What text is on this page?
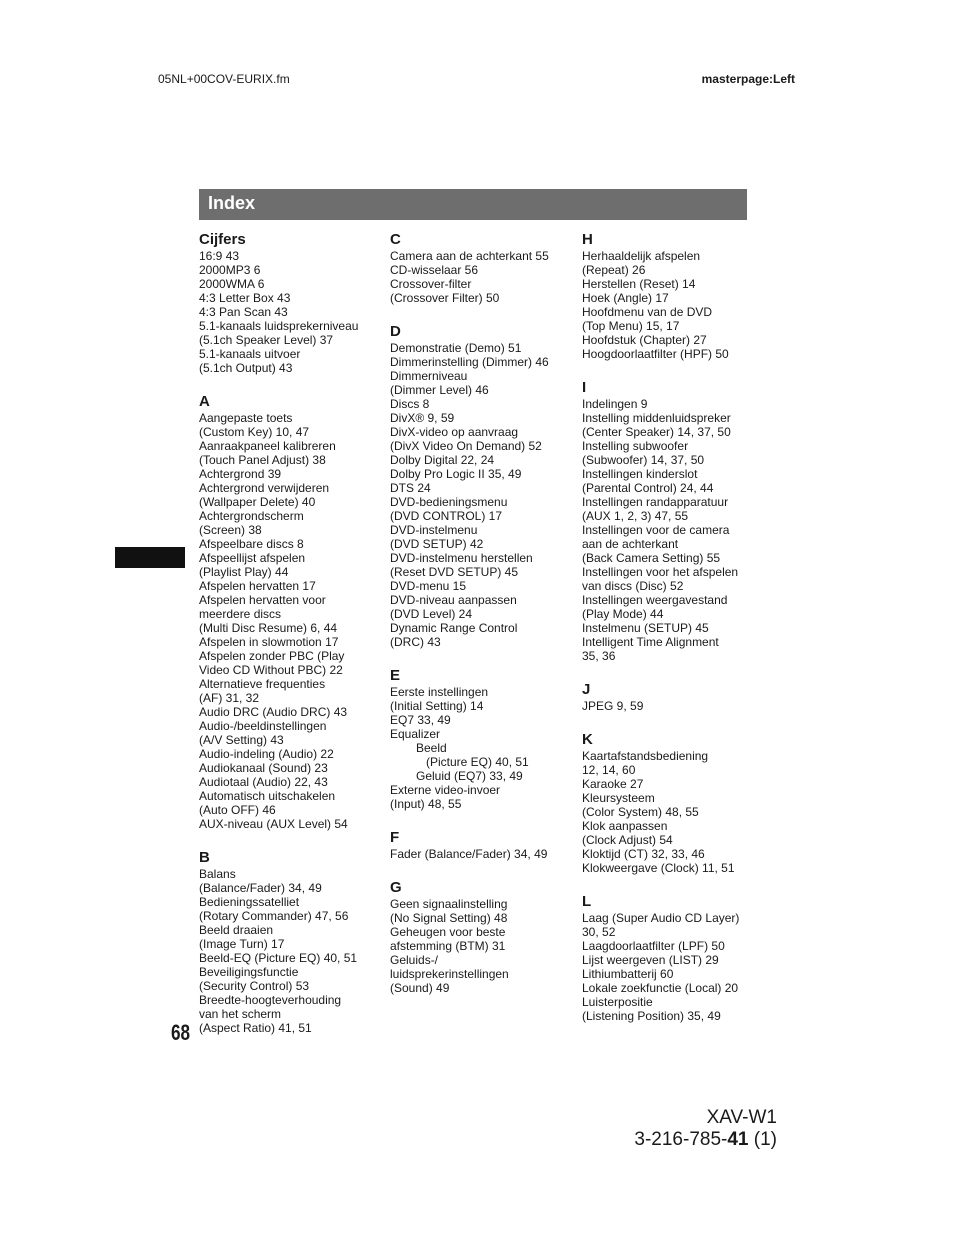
05NL+00COV-EURIX.fm	masterpage:Left
Index
Cijfers
16:9 43
2000MP3 6
2000WMA 6
4:3 Letter Box 43
4:3 Pan Scan 43
5.1-kanaals luidsprekerniveau
(5.1ch Speaker Level) 37
5.1-kanaals uitvoer
(5.1ch Output) 43
A
Aangepaste toets
(Custom Key) 10, 47
Aanraakpaneel kalibreren
(Touch Panel Adjust) 38
Achtergrond 39
Achtergrond verwijderen
(Wallpaper Delete) 40
Achtergrondscherm
(Screen) 38
Afspeelbare discs 8
Afspeellijst afspelen
(Playlist Play) 44
Afspelen hervatten 17
Afspelen hervatten voor
meerdere discs
(Multi Disc Resume) 6, 44
Afspelen in slowmotion 17
Afspelen zonder PBC (Play
Video CD Without PBC) 22
Alternatieve frequenties
(AF) 31, 32
Audio DRC (Audio DRC) 43
Audio-/beeldinstellingen
(A/V Setting) 43
Audio-indeling (Audio) 22
Audiokanaal (Sound) 23
Audiotaal (Audio) 22, 43
Automatisch uitschakelen
(Auto OFF) 46
AUX-niveau (AUX Level) 54
B
Balans
(Balance/Fader) 34, 49
Bedieningssatelliet
(Rotary Commander) 47, 56
Beeld draaien
(Image Turn) 17
Beeld-EQ (Picture EQ) 40, 51
Beveiligingsfunctie
(Security Control) 53
Breedte-hoogteverhouding
van het scherm
(Aspect Ratio) 41, 51
C
Camera aan de achterkant 55
CD-wisselaar 56
Crossover-filter
(Crossover Filter) 50
D
Demonstratie (Demo) 51
Dimmerinstelling (Dimmer) 46
Dimmerniveau
(Dimmer Level) 46
Discs 8
DivX® 9, 59
DivX-video op aanvraag
(DivX Video On Demand) 52
Dolby Digital 22, 24
Dolby Pro Logic II 35, 49
DTS 24
DVD-bedieningsmenu
(DVD CONTROL) 17
DVD-instelmenu
(DVD SETUP) 42
DVD-instelmenu herstellen
(Reset DVD SETUP) 45
DVD-menu 15
DVD-niveau aanpassen
(DVD Level) 24
Dynamic Range Control
(DRC) 43
E
Eerste instellingen
(Initial Setting) 14
EQ7 33, 49
Equalizer
Beeld
(Picture EQ) 40, 51
Geluid (EQ7) 33, 49
Externe video-invoer
(Input) 48, 55
F
Fader (Balance/Fader) 34, 49
G
Geen signaalinstelling
(No Signal Setting) 48
Geheugen voor beste
afstemming (BTM) 31
Geluids-/
luidsprekerinstellingen
(Sound) 49
H
Herhaaldelijk afspelen
(Repeat) 26
Herstellen (Reset) 14
Hoek (Angle) 17
Hoofdmenu van de DVD
(Top Menu) 15, 17
Hoofdstuk (Chapter) 27
Hoogdoorlaatfilter (HPF) 50
I
Indelingen 9
Instelling middenluidspreker
(Center Speaker) 14, 37, 50
Instelling subwoofer
(Subwoofer) 14, 37, 50
Instellingen kinderslot
(Parental Control) 24, 44
Instellingen randapparatuur
(AUX 1, 2, 3) 47, 55
Instellingen voor de camera
aan de achterkant
(Back Camera Setting) 55
Instellingen voor het afspelen
van discs (Disc) 52
Instellingen weergavestand
(Play Mode) 44
Instelmenu (SETUP) 45
Intelligent Time Alignment
35, 36
J
JPEG 9, 59
K
Kaartafstandsbediening
12, 14, 60
Karaoke 27
Kleursysteem
(Color System) 48, 55
Klok aanpassen
(Clock Adjust) 54
Kloktijd (CT) 32, 33, 46
Klokweergave (Clock) 11, 51
L
Laag (Super Audio CD Layer)
30, 52
Laagdoorlaatfilter (LPF) 50
Lijst weergeven (LIST) 29
Lithiumbatterij 60
Lokale zoekfunctie (Local) 20
Luisterpositie
(Listening Position) 35, 49
68
XAV-W1
3-216-785-41 (1)
